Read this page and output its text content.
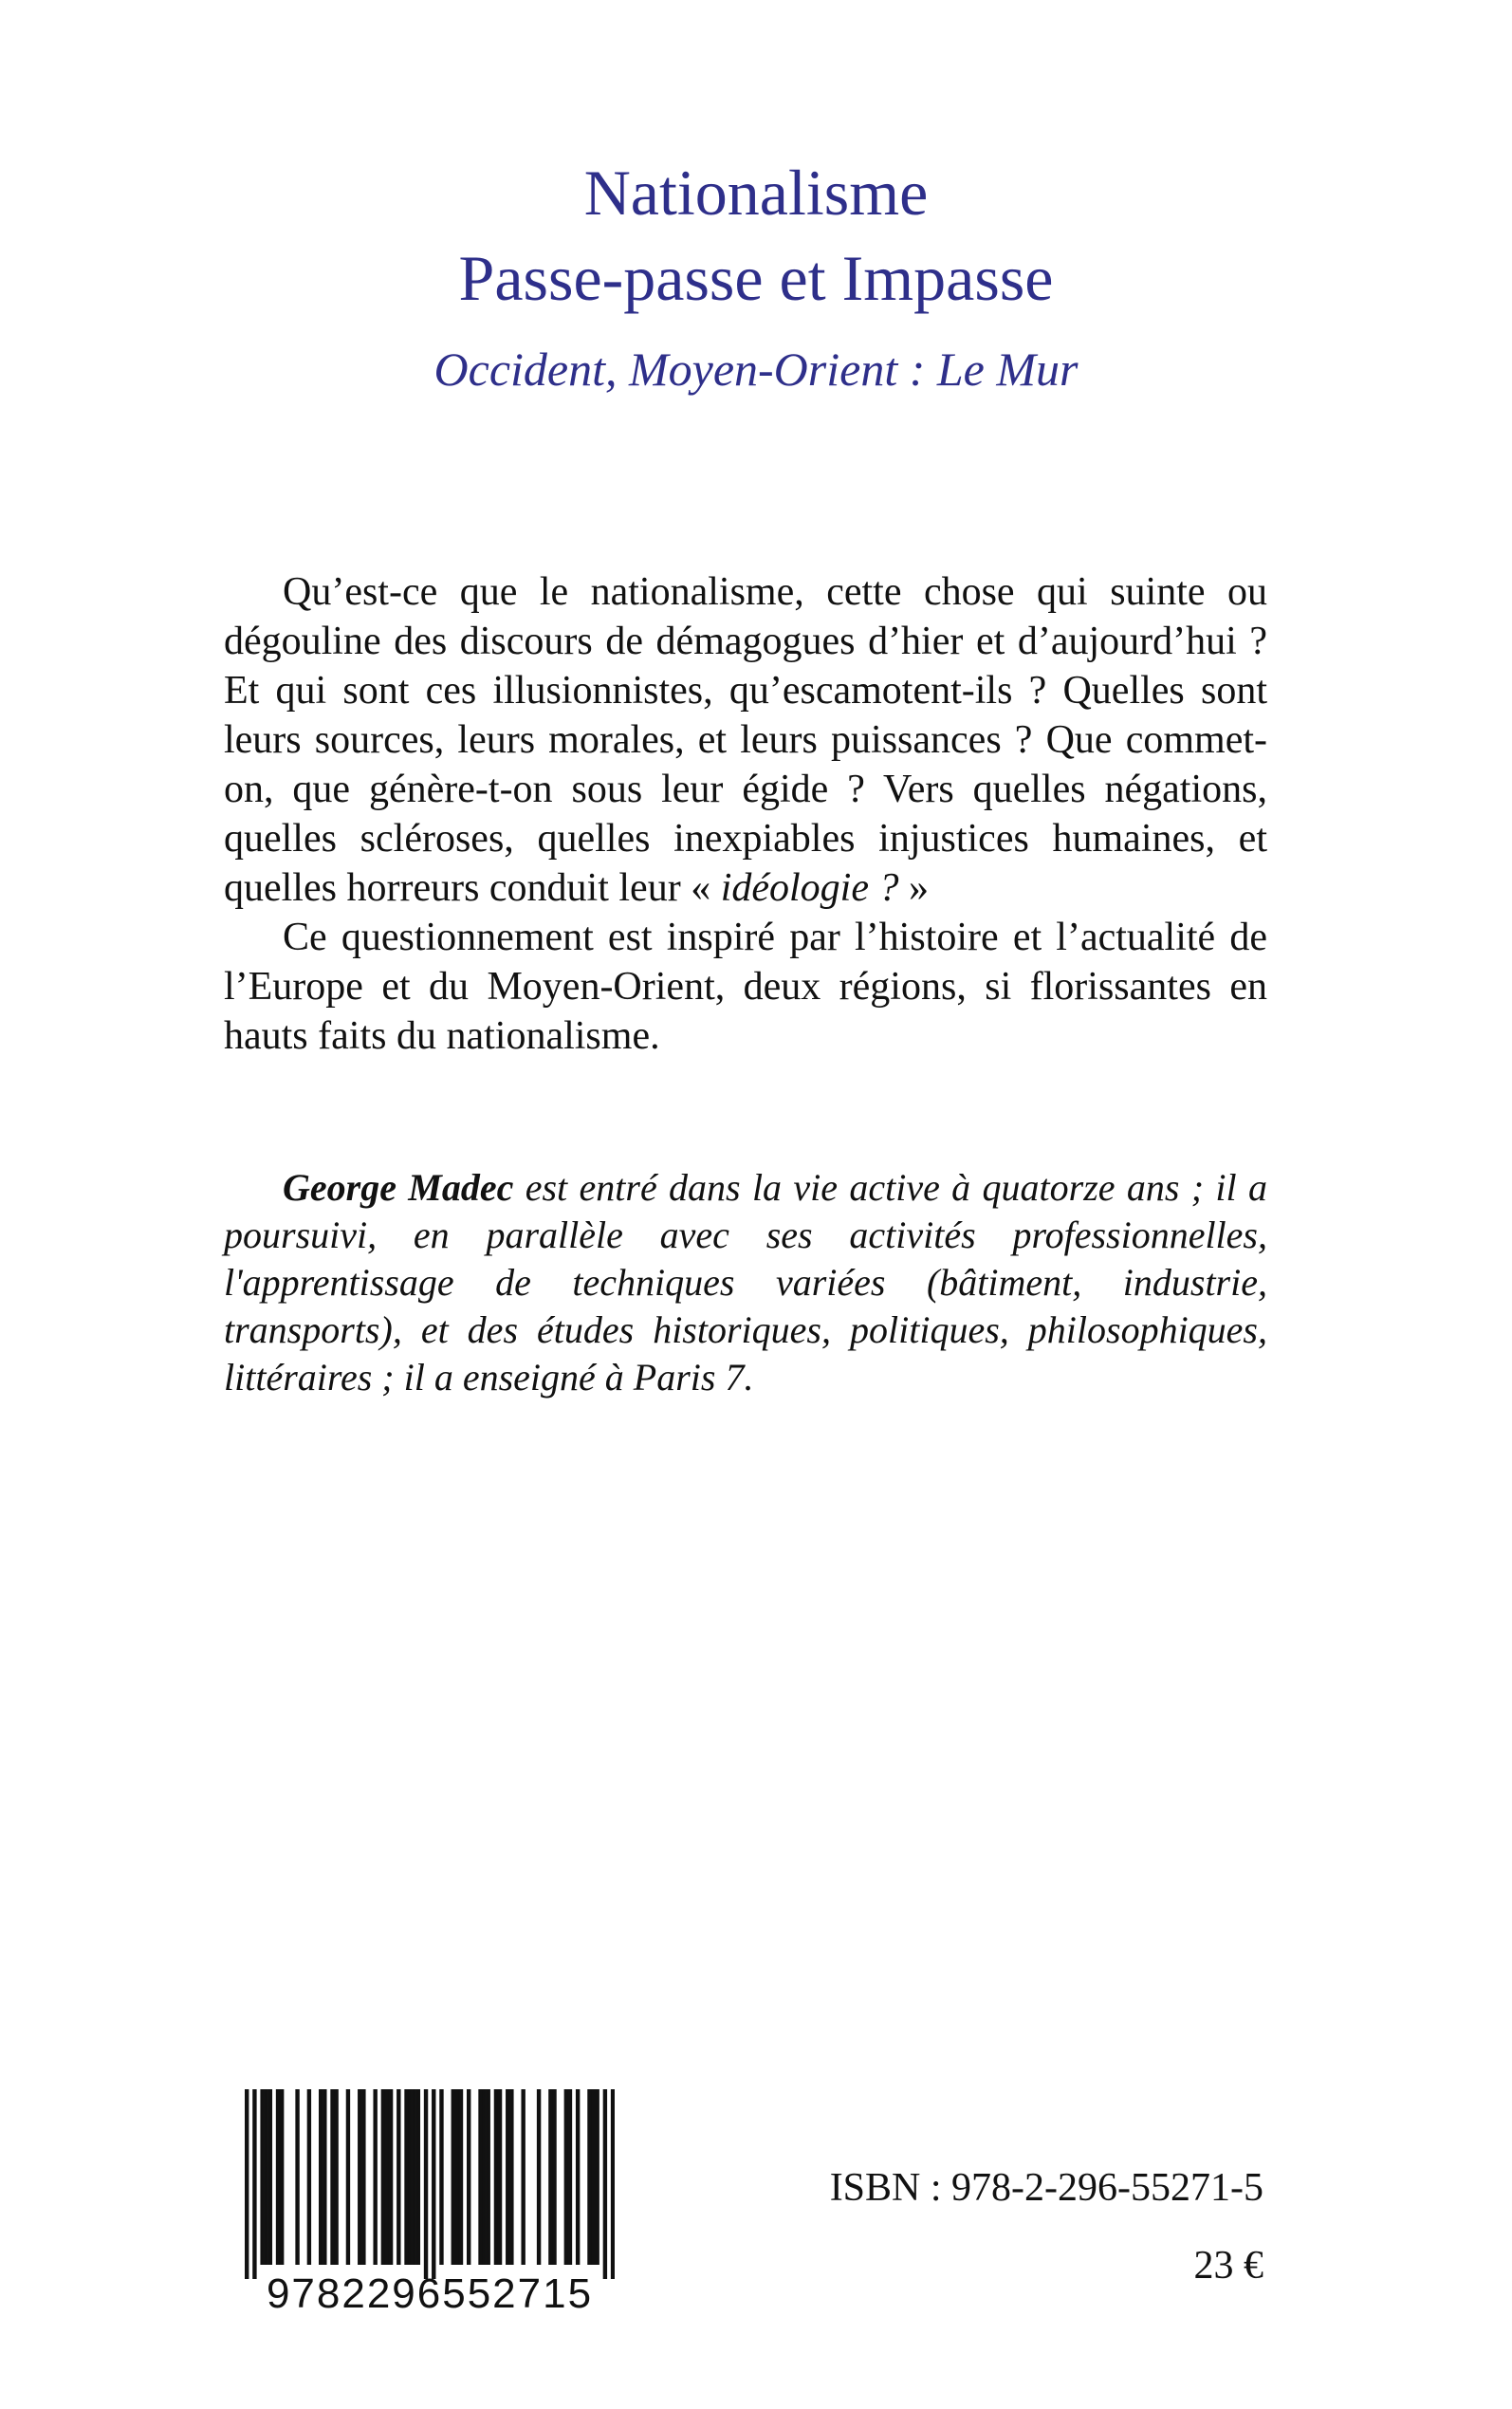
Nationalisme
Passe-passe et Impasse
Occident, Moyen-Orient : Le Mur

Qu’est-ce que le nationalisme, cette chose qui suinte ou dégouline des discours de démagogues d’hier et d’aujourd’hui ? Et qui sont ces illusionnistes, qu’escamotent-ils ? Quelles sont leurs sources, leurs morales, et leurs puissances ? Que commet-on, que génère-t-on sous leur égide ? Vers quelles négations, quelles scléroses, quelles inexpiables injustices humaines, et quelles horreurs conduit leur « idéologie ? »

Ce questionnement est inspiré par l’histoire et l’actualité de l’Europe et du Moyen-Orient, deux régions, si florissantes en hauts faits du nationalisme.

George Madec est entré dans la vie active à quatorze ans ; il a poursuivi, en parallèle avec ses activités professionnelles, l'apprentissage de techniques variées (bâtiment, industrie, transports), et des études historiques, politiques, philosophiques, littéraires ; il a enseigné à Paris 7.

9782296552715
ISBN : 978-2-296-55271-5
23 €
